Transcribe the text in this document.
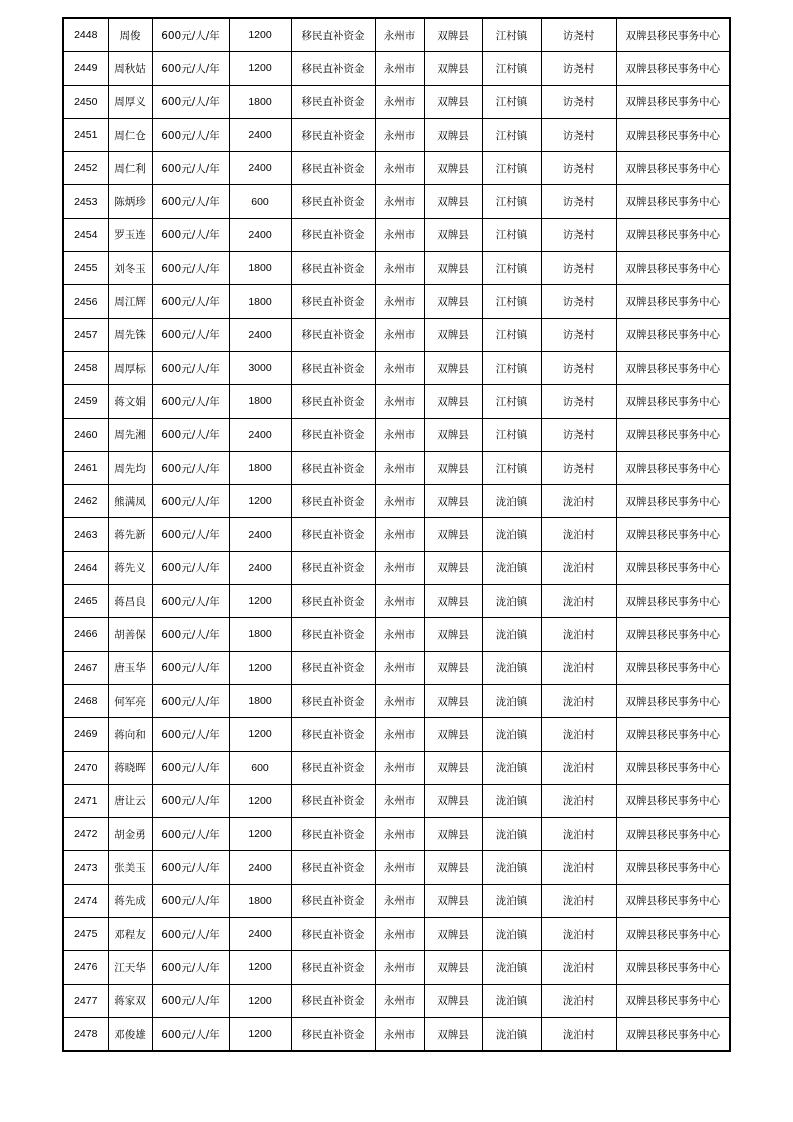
2448	周俊	600元/人/年	1200	移民直补资金	永州市	双牌县	江村镇	访尧村	双牌县移民事务中心
2449	周秋姑	600元/人/年	1200	移民直补资金	永州市	双牌县	江村镇	访尧村	双牌县移民事务中心
2450	周厚义	600元/人/年	1800	移民直补资金	永州市	双牌县	江村镇	访尧村	双牌县移民事务中心
2451	周仁仓	600元/人/年	2400	移民直补资金	永州市	双牌县	江村镇	访尧村	双牌县移民事务中心
2452	周仁利	600元/人/年	2400	移民直补资金	永州市	双牌县	江村镇	访尧村	双牌县移民事务中心
2453	陈炳珍	600元/人/年	600	移民直补资金	永州市	双牌县	江村镇	访尧村	双牌县移民事务中心
2454	罗玉连	600元/人/年	2400	移民直补资金	永州市	双牌县	江村镇	访尧村	双牌县移民事务中心
2455	刘冬玉	600元/人/年	1800	移民直补资金	永州市	双牌县	江村镇	访尧村	双牌县移民事务中心
2456	周江辉	600元/人/年	1800	移民直补资金	永州市	双牌县	江村镇	访尧村	双牌县移民事务中心
2457	周先铢	600元/人/年	2400	移民直补资金	永州市	双牌县	江村镇	访尧村	双牌县移民事务中心
2458	周厚标	600元/人/年	3000	移民直补资金	永州市	双牌县	江村镇	访尧村	双牌县移民事务中心
2459	蒋文娟	600元/人/年	1800	移民直补资金	永州市	双牌县	江村镇	访尧村	双牌县移民事务中心
2460	周先湘	600元/人/年	2400	移民直补资金	永州市	双牌县	江村镇	访尧村	双牌县移民事务中心
2461	周先均	600元/人/年	1800	移民直补资金	永州市	双牌县	江村镇	访尧村	双牌县移民事务中心
2462	熊满凤	600元/人/年	1200	移民直补资金	永州市	双牌县	泷泊镇	泷泊村	双牌县移民事务中心
2463	蒋先新	600元/人/年	2400	移民直补资金	永州市	双牌县	泷泊镇	泷泊村	双牌县移民事务中心
2464	蒋先义	600元/人/年	2400	移民直补资金	永州市	双牌县	泷泊镇	泷泊村	双牌县移民事务中心
2465	蒋昌良	600元/人/年	1200	移民直补资金	永州市	双牌县	泷泊镇	泷泊村	双牌县移民事务中心
2466	胡善保	600元/人/年	1800	移民直补资金	永州市	双牌县	泷泊镇	泷泊村	双牌县移民事务中心
2467	唐玉华	600元/人/年	1200	移民直补资金	永州市	双牌县	泷泊镇	泷泊村	双牌县移民事务中心
2468	何军亮	600元/人/年	1800	移民直补资金	永州市	双牌县	泷泊镇	泷泊村	双牌县移民事务中心
2469	蒋向和	600元/人/年	1200	移民直补资金	永州市	双牌县	泷泊镇	泷泊村	双牌县移民事务中心
2470	蒋晓晖	600元/人/年	600	移民直补资金	永州市	双牌县	泷泊镇	泷泊村	双牌县移民事务中心
2471	唐让云	600元/人/年	1200	移民直补资金	永州市	双牌县	泷泊镇	泷泊村	双牌县移民事务中心
2472	胡金勇	600元/人/年	1200	移民直补资金	永州市	双牌县	泷泊镇	泷泊村	双牌县移民事务中心
2473	张美玉	600元/人/年	2400	移民直补资金	永州市	双牌县	泷泊镇	泷泊村	双牌县移民事务中心
2474	蒋先成	600元/人/年	1800	移民直补资金	永州市	双牌县	泷泊镇	泷泊村	双牌县移民事务中心
2475	邓程友	600元/人/年	2400	移民直补资金	永州市	双牌县	泷泊镇	泷泊村	双牌县移民事务中心
2476	江天华	600元/人/年	1200	移民直补资金	永州市	双牌县	泷泊镇	泷泊村	双牌县移民事务中心
2477	蒋家双	600元/人/年	1200	移民直补资金	永州市	双牌县	泷泊镇	泷泊村	双牌县移民事务中心
2478	邓俊雄	600元/人/年	1200	移民直补资金	永州市	双牌县	泷泊镇	泷泊村	双牌县移民事务中心
